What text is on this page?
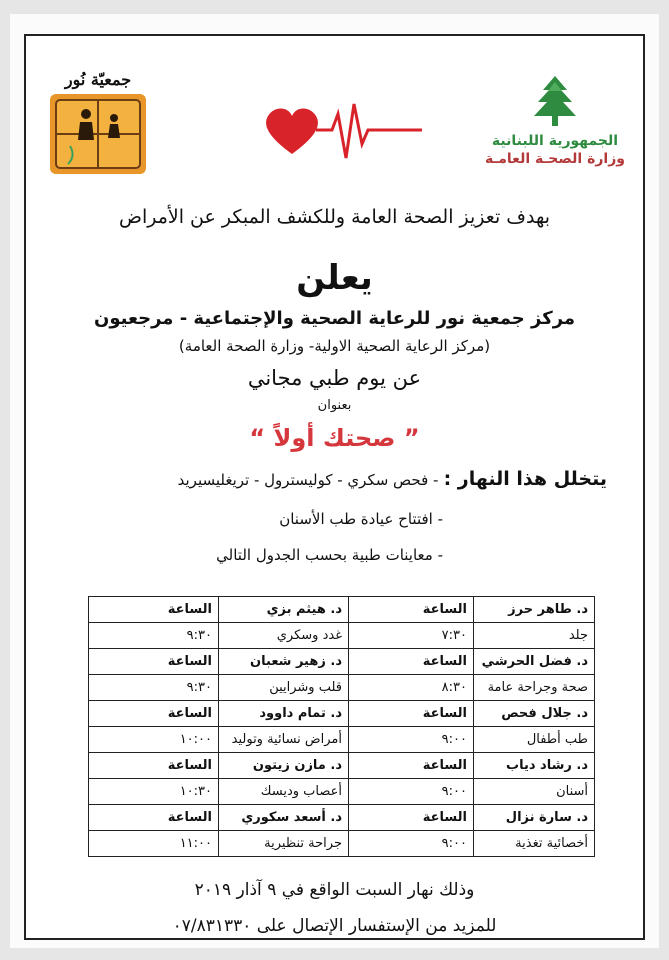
الجمهورية اللبنانية
وزارة الصحـة العامـة
جمعيّة نُور
بهدف تعزيز الصحة العامة وللكشف المبكر عن الأمراض
يعلن
مركز جمعية نور للرعاية الصحية والإجتماعية - مرجعيون
(مركز الرعاية الصحية الاولية- وزارة الصحة العامة)
عن يوم طبي مجاني
بعنوان
” صحتك أولاً “
يتخلل هذا النهار : - فحص سكري - كوليسترول - تريغليسيريد
- افتتاح عيادة طب الأسنان
- معاينات طبية بحسب الجدول التالي
د. طاهر حرز	الساعة	د. هيثم بزي	الساعة
جلد	٧:٣٠	غدد وسكري	٩:٣٠
د. فضل الحرشي	الساعة	د. زهير شعبان	الساعة
صحة وجراحة عامة	٨:٣٠	قلب وشرايين	٩:٣٠
د. جلال فحص	الساعة	د. تمام داوود	الساعة
طب أطفال	٩:٠٠	أمراض نسائية وتوليد	١٠:٠٠
د. رشاد دياب	الساعة	د. مازن زيتون	الساعة
أسنان	٩:٠٠	أعصاب وديسك	١٠:٣٠
د. سارة نزال	الساعة	د. أسعد سكوري	الساعة
أخصائية تغذية	٩:٠٠	جراحة تنظيرية	١١:٠٠
وذلك نهار السبت الواقع في ٩ آذار ٢٠١٩
للمزيد من الإستفسار الإتصال على ٠٧/٨٣١٣٣٠
